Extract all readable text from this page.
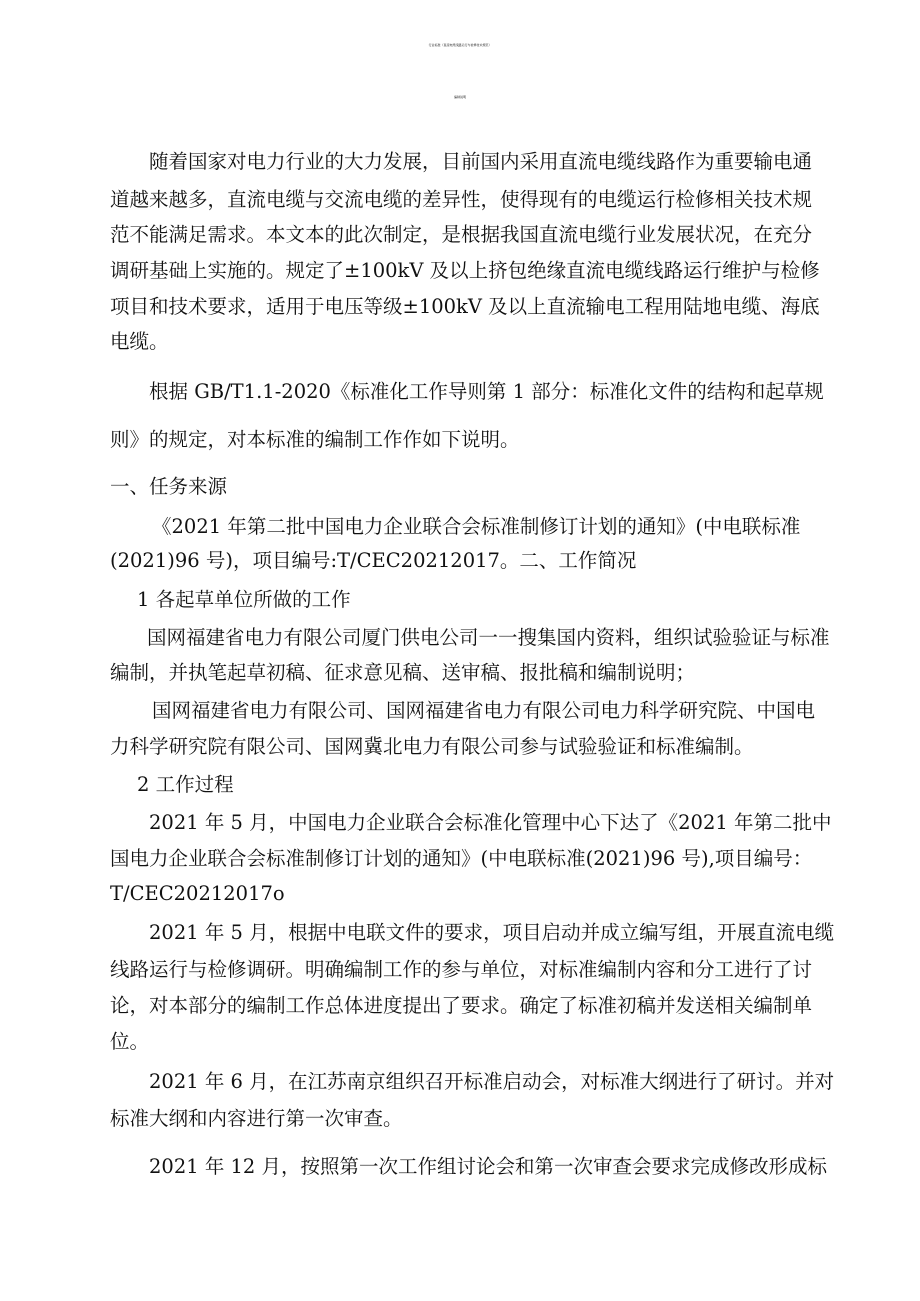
行业标准《直流电缆线路运行与检修技术规范》
编制说明
随着国家对电力行业的大力发展，目前国内采用直流电缆线路作为重要输电通
道越来越多，直流电缆与交流电缆的差异性，使得现有的电缆运行检修相关技术规
范不能满足需求。本文本的此次制定，是根据我国直流电缆行业发展状况，在充分
调研基础上实施的。规定了±100kV 及以上挤包绝缘直流电缆线路运行维护与检修
项目和技术要求，适用于电压等级±100kV 及以上直流输电工程用陆地电缆、海底
电缆。
根据 GB/T1.1-2020《标准化工作导则第 1 部分：标准化文件的结构和起草规
则》的规定，对本标准的编制工作作如下说明。
一、任务来源
《2021 年第二批中国电力企业联合会标准制修订计划的通知》(中电联标准
(2021)96 号)，项目编号:T/CEC20212017。二、工作简况
1 各起草单位所做的工作
国网福建省电力有限公司厦门供电公司一一搜集国内资料，组织试验验证与标准
编制，并执笔起草初稿、征求意见稿、送审稿、报批稿和编制说明；
国网福建省电力有限公司、国网福建省电力有限公司电力科学研究院、中国电
力科学研究院有限公司、国网冀北电力有限公司参与试验验证和标准编制。
2 工作过程
2021 年 5 月，中国电力企业联合会标准化管理中心下达了《2021 年第二批中
国电力企业联合会标准制修订计划的通知》(中电联标准(2021)96 号),项目编号：
T/CEC20212017o
2021 年 5 月，根据中电联文件的要求，项目启动并成立编写组，开展直流电缆
线路运行与检修调研。明确编制工作的参与单位，对标准编制内容和分工进行了讨
论，对本部分的编制工作总体进度提出了要求。确定了标准初稿并发送相关编制单
位。
2021 年 6 月，在江苏南京组织召开标准启动会，对标准大纲进行了研讨。并对
标准大纲和内容进行第一次审查。
2021 年 12 月，按照第一次工作组讨论会和第一次审查会要求完成修改形成标
